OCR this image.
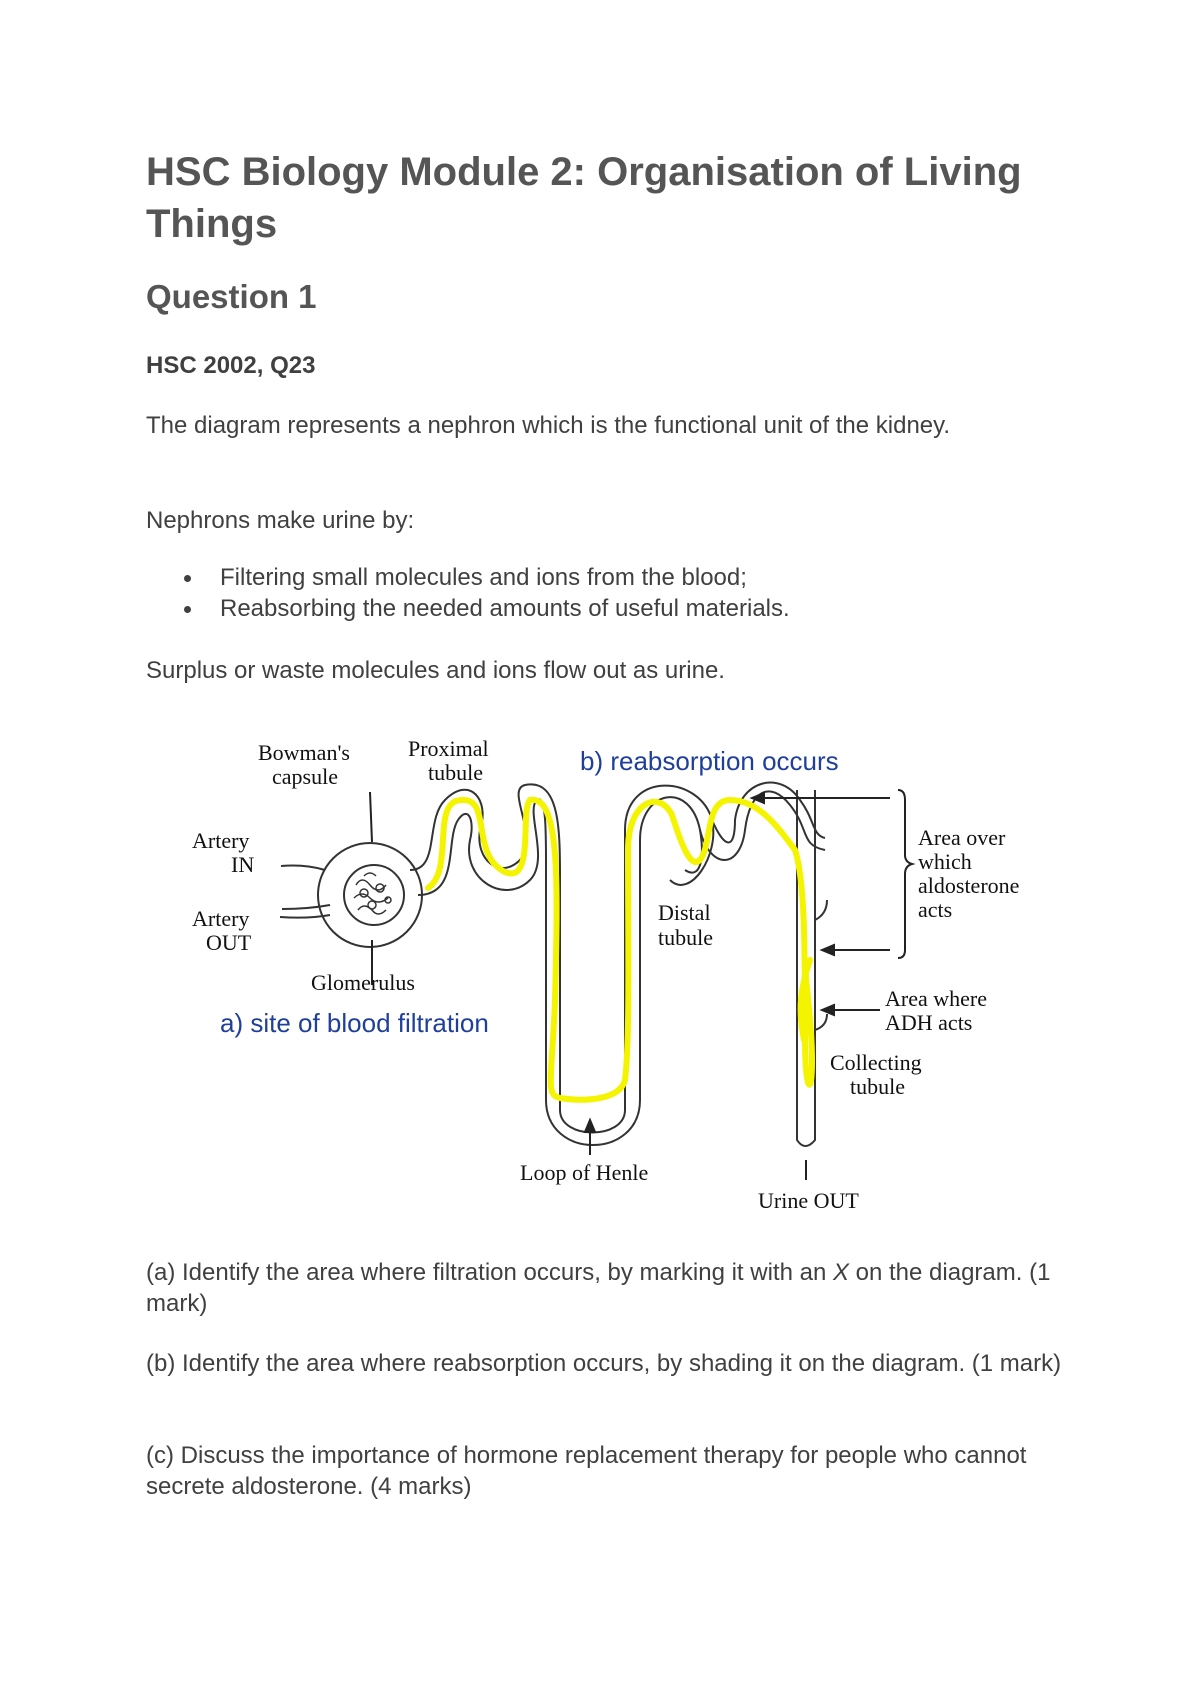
HSC Biology Module 2: Organisation of Living Things
Question 1
HSC 2002, Q23

The diagram represents a nephron which is the functional unit of the kidney.

Nephrons make urine by:

Filtering small molecules and ions from the blood;
Reabsorbing the needed amounts of useful materials.

Surplus or waste molecules and ions flow out as urine.

Bowman's
capsule
Proximal
tubule
Artery
IN
Artery
OUT
Glomerulus
Distal
tubule
Area over
which
aldosterone
acts
Area where
ADH acts
Collecting
tubule
Loop of Henle
Urine OUT
a) site of blood filtration
b) reabsorption occurs

(a) Identify the area where filtration occurs, by marking it with an X on the diagram. (1 mark)

(b) Identify the area where reabsorption occurs, by shading it on the diagram. (1 mark)

(c) Discuss the importance of hormone replacement therapy for people who cannot secrete aldosterone. (4 marks)
